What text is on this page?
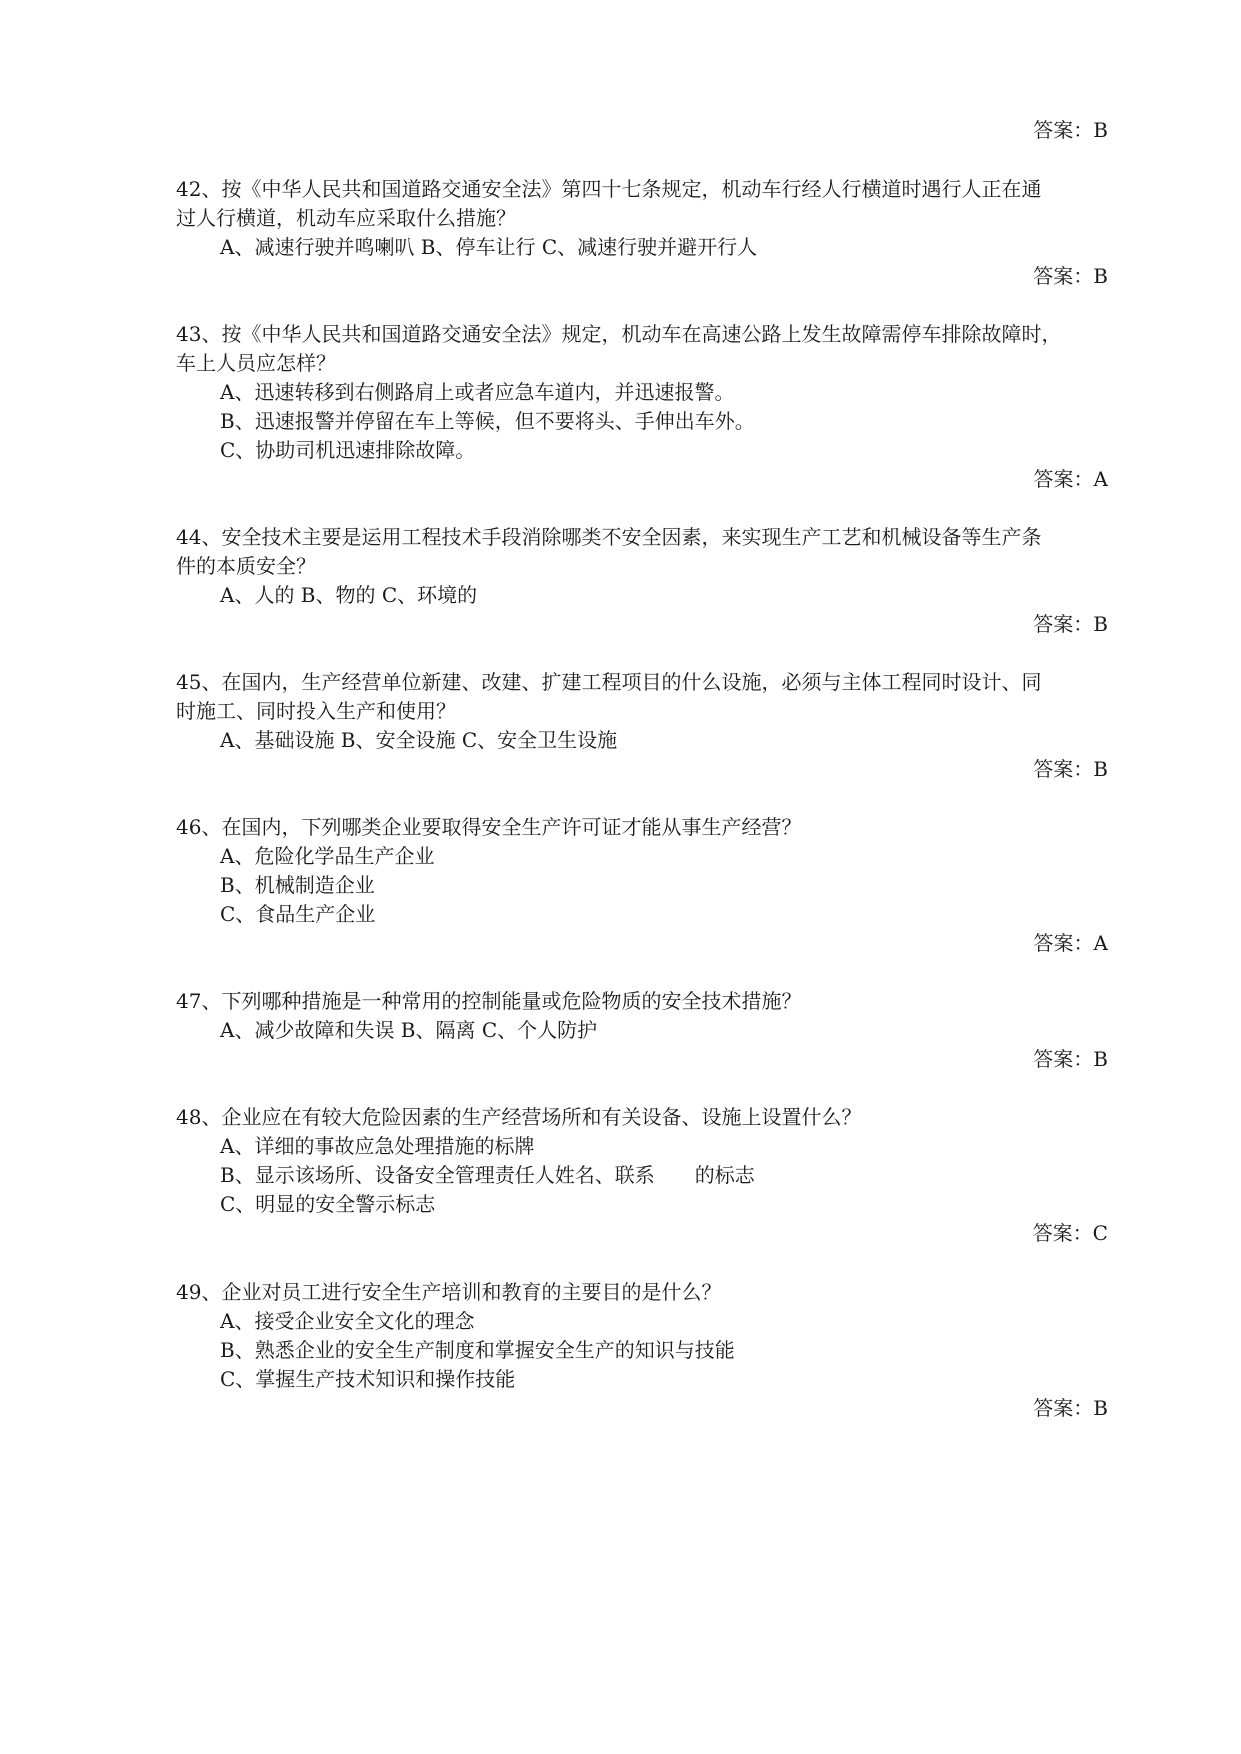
答案：B
42、按《中华人民共和国道路交通安全法》第四十七条规定，机动车行经人行横道时遇行人正在通
过人行横道，机动车应采取什么措施？
A、减速行驶并鸣喇叭 B、停车让行 C、减速行驶并避开行人
答案：B
43、按《中华人民共和国道路交通安全法》规定，机动车在高速公路上发生故障需停车排除故障时，
车上人员应怎样？
A、迅速转移到右侧路肩上或者应急车道内，并迅速报警。
B、迅速报警并停留在车上等候，但不要将头、手伸出车外。
C、协助司机迅速排除故障。
答案：A
44、安全技术主要是运用工程技术手段消除哪类不安全因素，来实现生产工艺和机械设备等生产条
件的本质安全？
A、人的 B、物的 C、环境的
答案：B
45、在国内，生产经营单位新建、改建、扩建工程项目的什么设施，必须与主体工程同时设计、同
时施工、同时投入生产和使用？
A、基础设施 B、安全设施 C、安全卫生设施
答案：B
46、在国内，下列哪类企业要取得安全生产许可证才能从事生产经营？
A、危险化学品生产企业
B、机械制造企业
C、食品生产企业
答案：A
47、下列哪种措施是一种常用的控制能量或危险物质的安全技术措施？
A、减少故障和失误 B、隔离 C、个人防护
答案：B
48、企业应在有较大危险因素的生产经营场所和有关设备、设施上设置什么？
A、详细的事故应急处理措施的标牌
B、显示该场所、设备安全管理责任人姓名、联系　　的标志
C、明显的安全警示标志
答案：C
49、企业对员工进行安全生产培训和教育的主要目的是什么？
A、接受企业安全文化的理念
B、熟悉企业的安全生产制度和掌握安全生产的知识与技能
C、掌握生产技术知识和操作技能
答案：B
